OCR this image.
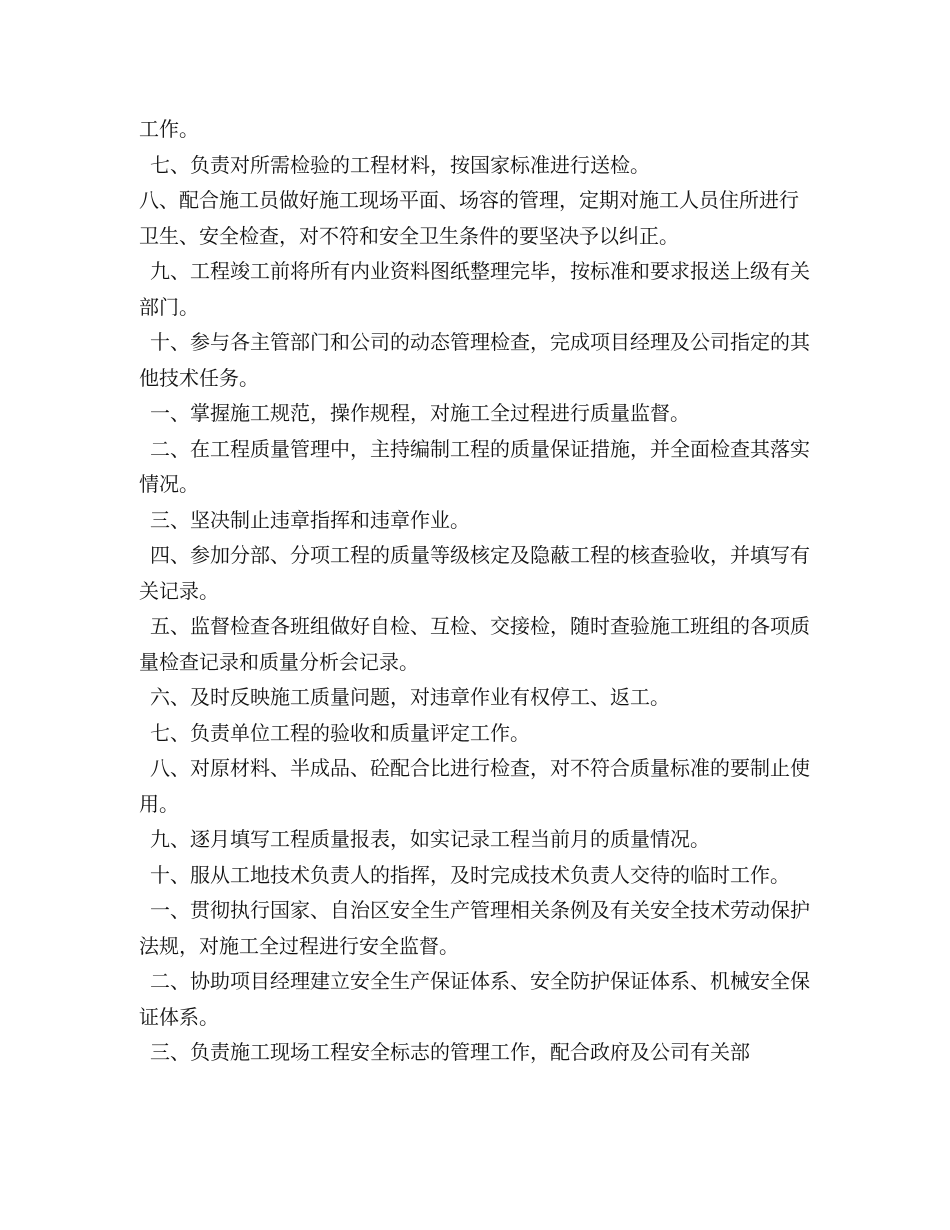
工作。

七、负责对所需检验的工程材料，按国家标准进行送检。

八、配合施工员做好施工现场平面、场容的管理，定期对施工人员住所进行卫生、安全检查，对不符和安全卫生条件的要坚决予以纠正。

九、工程竣工前将所有内业资料图纸整理完毕，按标准和要求报送上级有关部门。

十、参与各主管部门和公司的动态管理检查，完成项目经理及公司指定的其他技术任务。

一、掌握施工规范，操作规程，对施工全过程进行质量监督。

二、在工程质量管理中，主持编制工程的质量保证措施，并全面检查其落实情况。

三、坚决制止违章指挥和违章作业。

四、参加分部、分项工程的质量等级核定及隐蔽工程的核查验收，并填写有关记录。

五、监督检查各班组做好自检、互检、交接检，随时查验施工班组的各项质量检查记录和质量分析会记录。

六、及时反映施工质量问题，对违章作业有权停工、返工。

七、负责单位工程的验收和质量评定工作。

八、对原材料、半成品、砼配合比进行检查，对不符合质量标准的要制止使用。

九、逐月填写工程质量报表，如实记录工程当前月的质量情况。

十、服从工地技术负责人的指挥，及时完成技术负责人交待的临时工作。

一、贯彻执行国家、自治区安全生产管理相关条例及有关安全技术劳动保护法规，对施工全过程进行安全监督。

二、协助项目经理建立安全生产保证体系、安全防护保证体系、机械安全保证体系。

三、负责施工现场工程安全标志的管理工作，配合政府及公司有关部
